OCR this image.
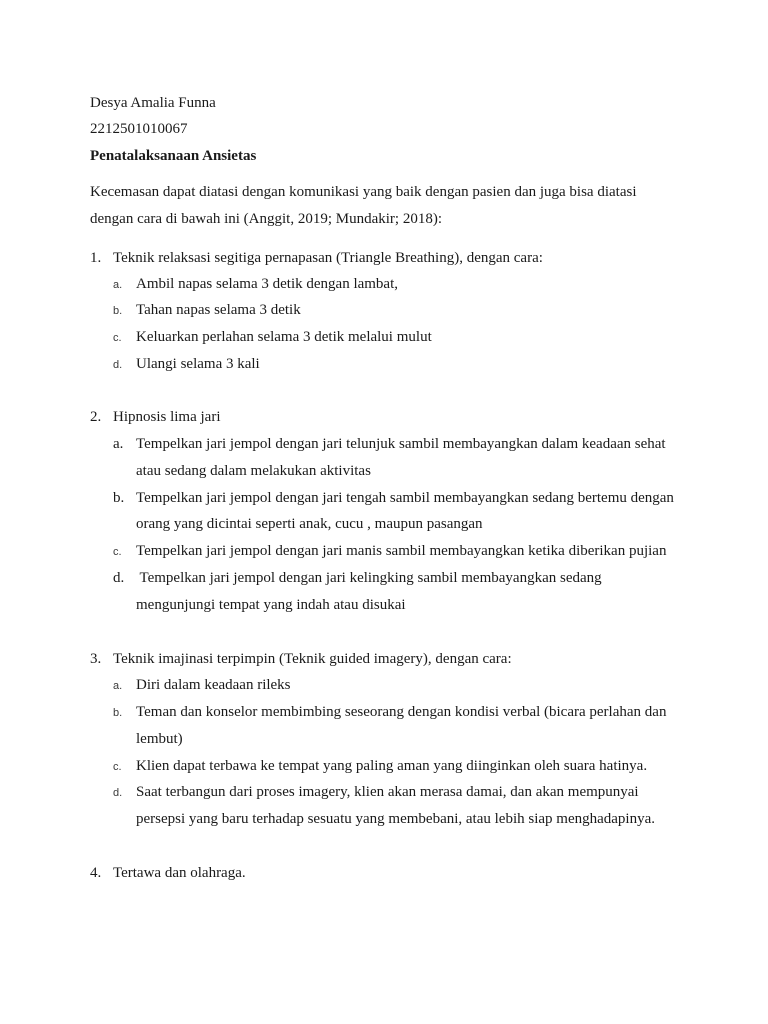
Desya Amalia Funna
2212501010067
Penatalaksanaan Ansietas
Kecemasan dapat diatasi dengan komunikasi yang baik dengan pasien dan juga bisa diatasi
dengan cara di bawah ini (Anggit, 2019; Mundakir; 2018):
1. Teknik relaksasi segitiga pernapasan (Triangle Breathing), dengan cara:
a. Ambil napas selama 3 detik dengan lambat,
b. Tahan napas selama 3 detik
c. Keluarkan perlahan selama 3 detik melalui mulut
d. Ulangi selama 3 kali
2. Hipnosis lima jari
a. Tempelkan jari jempol dengan jari telunjuk sambil membayangkan dalam keadaan sehat
atau sedang dalam melakukan aktivitas
b. Tempelkan jari jempol dengan jari tengah sambil membayangkan sedang bertemu dengan
orang yang dicintai seperti anak, cucu , maupun pasangan
c. Tempelkan jari jempol dengan jari manis sambil membayangkan ketika diberikan pujian
d. Tempelkan jari jempol dengan jari kelingking sambil membayangkan sedang
mengunjungi tempat yang indah atau disukai
3. Teknik imajinasi terpimpin (Teknik guided imagery), dengan cara:
a. Diri dalam keadaan rileks
b. Teman dan konselor membimbing seseorang dengan kondisi verbal (bicara perlahan dan
lembut)
c. Klien dapat terbawa ke tempat yang paling aman yang diinginkan oleh suara hatinya.
d. Saat terbangun dari proses imagery, klien akan merasa damai, dan akan mempunyai
persepsi yang baru terhadap sesuatu yang membebani, atau lebih siap menghadapinya.
4. Tertawa dan olahraga.
